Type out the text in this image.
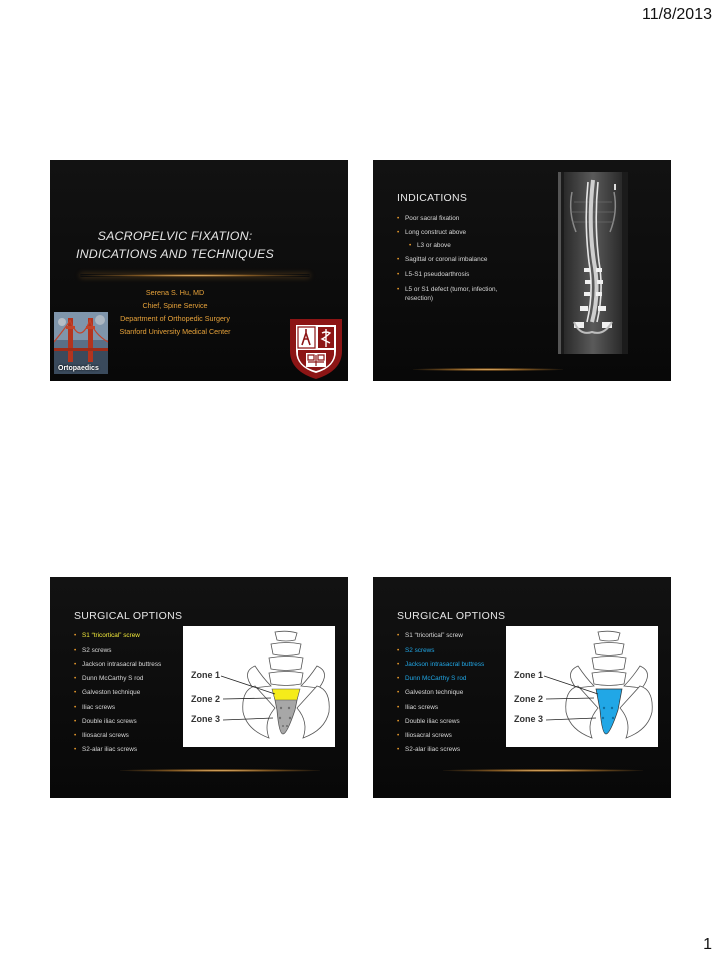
11/8/2013
SACROPELVIC FIXATION:
INDICATIONS AND TECHNIQUES
Serena S. Hu, MD
Chief, Spine Service
Department of Orthopedic Surgery
Stanford University Medical Center
Ortopaedics
INDICATIONS
• Poor sacral fixation
• Long construct above
• L3 or above
• Sagittal or coronal imbalance
• L5-S1 pseudoarthrosis
• L5 or S1 defect (tumor, infection,
resection)
SURGICAL OPTIONS
• S1 “tricortical” screw
• S2 screws
• Jackson intrasacral buttress
• Dunn McCarthy S rod
• Galveston technique
• Iliac screws
• Double iliac screws
• Iliosacral screws
• S2-alar iliac screws
Zone 1
Zone 2
Zone 3
SURGICAL OPTIONS
• S1 “tricortical” screw
• S2 screws
• Jackson intrasacral buttress
• Dunn McCarthy S rod
• Galveston technique
• Iliac screws
• Double iliac screws
• Iliosacral screws
• S2-alar iliac screws
Zone 1
Zone 2
Zone 3
1
